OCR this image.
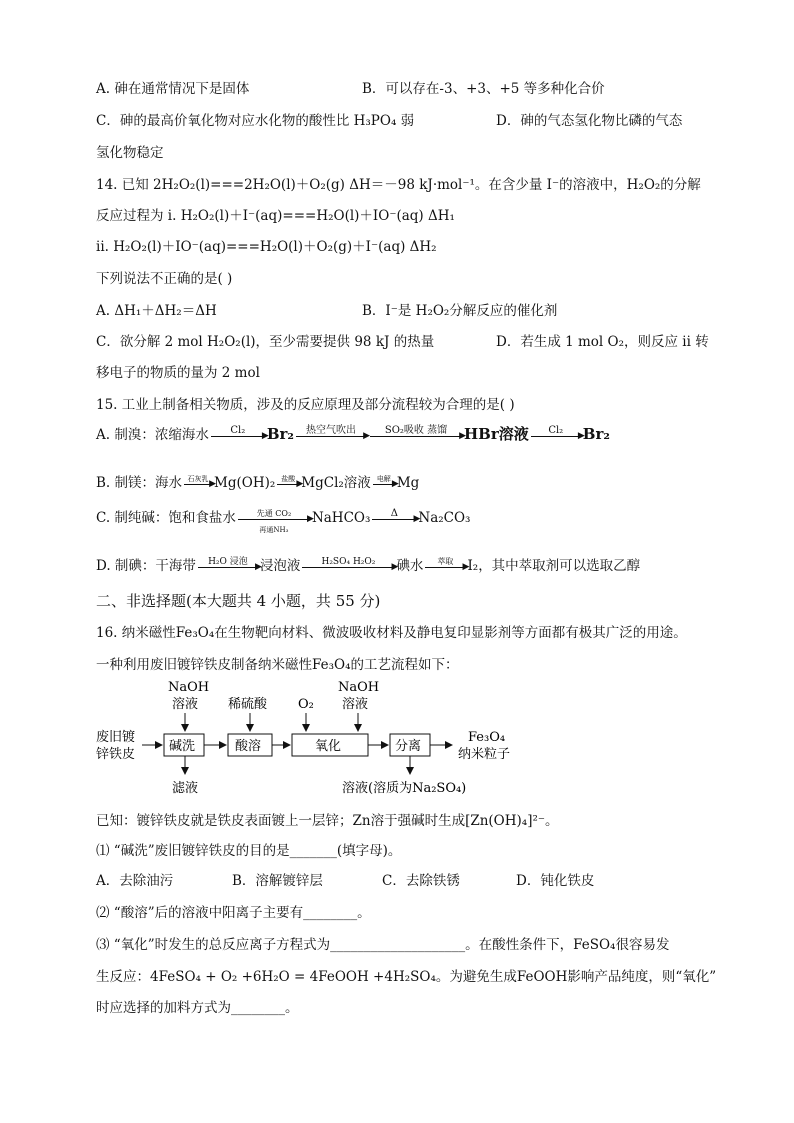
A. 砷在通常情况下是固体	B．可以存在-3、+3、+5 等多种化合价
C．砷的最高价氧化物对应水化物的酸性比 H₃PO₄ 弱	D．砷的气态氢化物比磷的气态
氢化物稳定
14. 已知 2H₂O₂(l)===2H₂O(l)＋O₂(g) ΔH＝－98 kJ·mol⁻¹。在含少量 I⁻的溶液中，H₂O₂的分解
反应过程为 i. H₂O₂(l)＋I⁻(aq)===H₂O(l)＋IO⁻(aq) ΔH₁
ii. H₂O₂(l)＋IO⁻(aq)===H₂O(l)＋O₂(g)＋I⁻(aq) ΔH₂
下列说法不正确的是( )
A. ΔH₁＋ΔH₂＝ΔH	B．I⁻是 H₂O₂分解反应的催化剂
C．欲分解 2 mol H₂O₂(l)，至少需要提供 98 kJ 的热量	D．若生成 1 mol O₂，则反应 ii 转
移电子的物质的量为 2 mol
15. 工业上制备相关物质，涉及的反应原理及部分流程较为合理的是( )
A. 制溴：浓缩海水	Cl₂	▶
Br₂	热空气吹出 ▶	SO₂吸收 蒸馏	▶
HBr溶液	Cl₂	▶
Br₂
B. 制镁：海水 石灰乳 ▶
Mg(OH)₂ 盐酸 ▶
MgCl₂溶液 电解 ▶
Mg
C. 制纯碱：饱和食盐水	先通 CO₂
▶
再通NH₃
NaHCO₃	Δ	▶
Na₂CO₃
D. 制碘：干海带	H₂O 浸泡 ▶
浸泡液	H₂SO₄ H₂O₂	▶
碘水	萃取
▶
I₂，其中萃取剂可以选取乙醇
二、非选择题(本大题共 4 小题，共 55 分)
16. 纳米磁性Fe₃O₄在生物靶向材料、微波吸收材料及静电复印显影剂等方面都有极其广泛的用途。
一种利用废旧镀锌铁皮制备纳米磁性Fe₃O₄的工艺流程如下：
废旧镀
锌铁皮
NaOH
溶液 稀硫酸 O₂
NaOH
溶液
碱洗	酸溶	氧化	分离
Fe₃O₄
纳米粒子
滤液	溶液(溶质为Na₂SO₄)
已知：镀锌铁皮就是铁皮表面镀上一层锌；Zn溶于强碱时生成[Zn(OH)₄]²⁻。
⑴ “碱洗”废旧镀锌铁皮的目的是_______(填字母)。
A．去除油污	B．溶解镀锌层	C．去除铁锈	D．钝化铁皮
⑵ “酸溶”后的溶液中阳离子主要有________。
⑶ “氧化”时发生的总反应离子方程式为____________________。在酸性条件下，FeSO₄很容易发
生反应：4FeSO₄ + O₂ +6H₂O = 4FeOOH +4H₂SO₄。为避免生成FeOOH影响产品纯度，则“氧化”
时应选择的加料方式为________。
